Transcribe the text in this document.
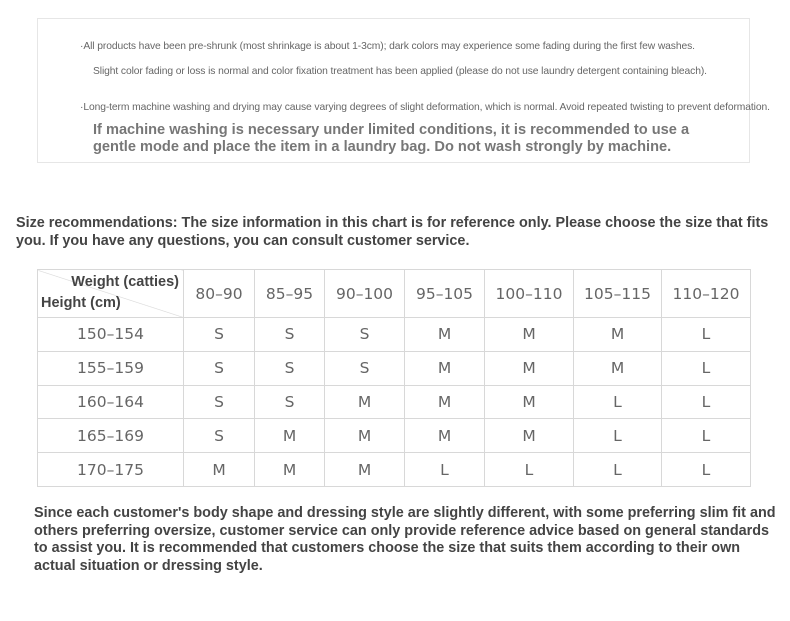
·All products have been pre-shrunk (most shrinkage is about 1-3cm); dark colors may experience some fading during the first few washes.
Slight color fading or loss is normal and color fixation treatment has been applied (please do not use laundry detergent containing bleach).
·Long-term machine washing and drying may cause varying degrees of slight deformation, which is normal. Avoid repeated twisting to prevent deformation.
If machine washing is necessary under limited conditions, it is recommended to use a gentle mode and place the item in a laundry bag. Do not wash strongly by machine.
Size recommendations: The size information in this chart is for reference only. Please choose the size that fits you. If you have any questions, you can consult customer service.
Weight (catties)
Height (cm)	80–90	85–95	90–100	95–105	100–110	105–115	110–120
150–154	S	S	S	M	M	M	L
155–159	S	S	S	M	M	M	L
160–164	S	S	M	M	M	L	L
165–169	S	M	M	M	M	L	L
170–175	M	M	M	L	L	L	L
Since each customer's body shape and dressing style are slightly different, with some preferring slim fit and others preferring oversize, customer service can only provide reference advice based on general standards to assist you. It is recommended that customers choose the size that suits them according to their own actual situation or dressing style.
